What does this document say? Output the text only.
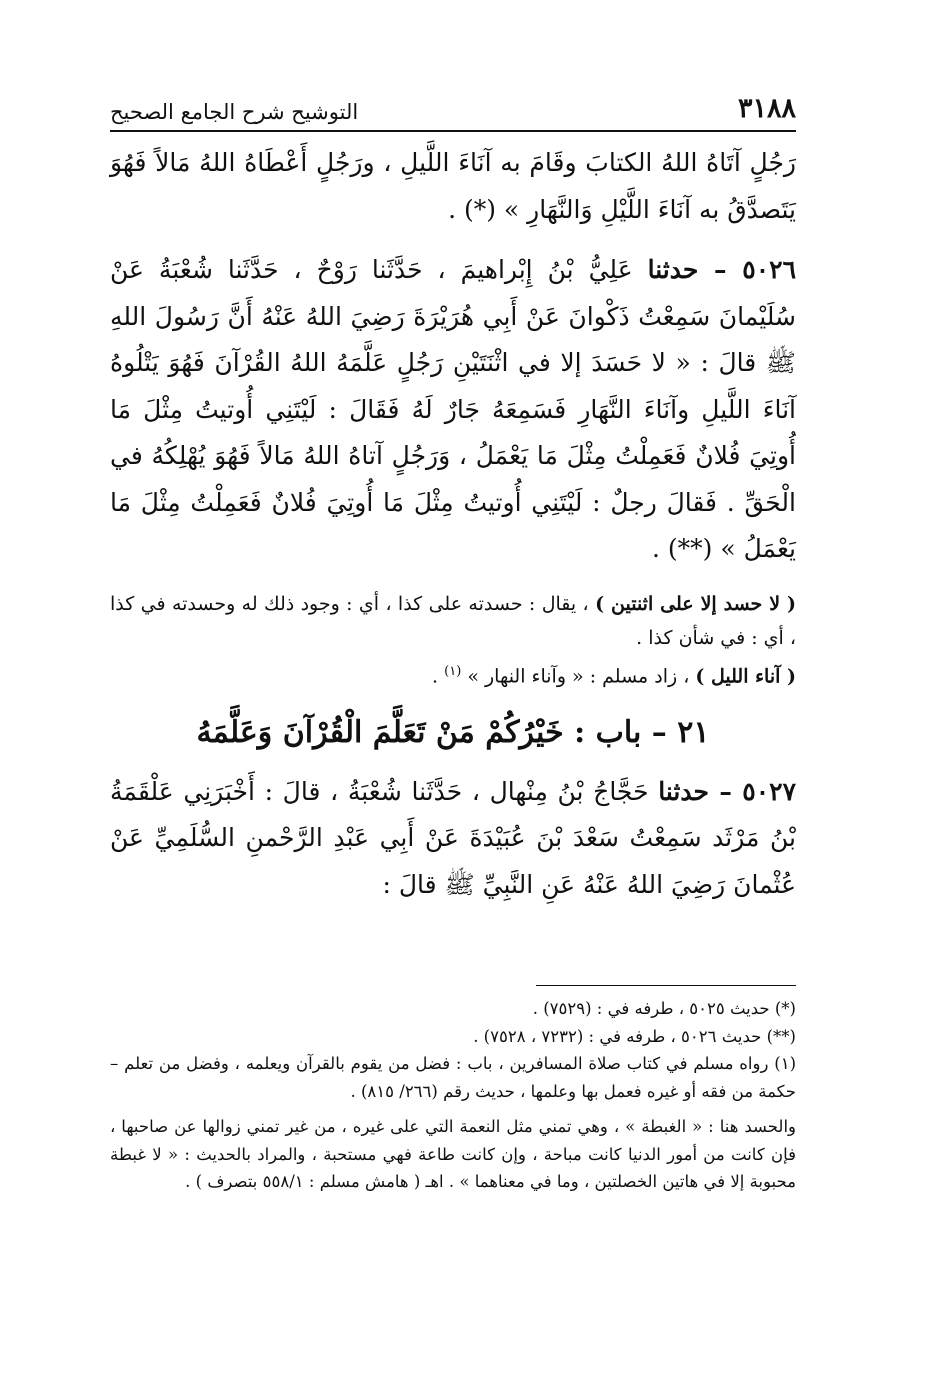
٣١٨٨
التوشيح شرح الجامع الصحيح

رَجُلٍ آتَاهُ اللهُ الكتابَ وقَامَ به آنَاءَ اللَّيلِ ، ورَجُلٍ أَعْطَاهُ اللهُ مَالاً فَهُوَ يَتَصدَّقُ به آنَاءَ اللَّيْلِ وَالنَّهَارِ » (*) .

٥٠٢٦ – حدثنا عَلِيُّ بْنُ إِبْراهيمَ ، حَدَّثَنا رَوْحٌ ، حَدَّثَنا شُعْبَةُ عَنْ سُلَيْمانَ سَمِعْتُ ذَكْوانَ عَنْ أَبِي هُرَيْرَةَ رَضِيَ اللهُ عَنْهُ أَنَّ رَسُولَ اللهِ ﷺ قالَ : « لا حَسَدَ إلا في اثْنَتَيْنِ رَجُلٍ عَلَّمَهُ اللهُ القُرْآنَ فَهُوَ يَتْلُوهُ آنَاءَ اللَّيلِ وآنَاءَ النَّهَارِ فَسَمِعَهُ جَارٌ لَهُ فَقَالَ : لَيْتَنِي أُوتيتُ مِثْلَ مَا أُوتِيَ فُلانٌ فَعَمِلْتُ مِثْلَ مَا يَعْمَلُ ، وَرَجُلٍ آتاهُ اللهُ مَالاً فَهُوَ يُهْلِكُهُ في الْحَقِّ . فَقالَ رجلٌ : لَيْتَنِي أُوتيتُ مِثْلَ مَا أُوتِيَ فُلانٌ فَعَمِلْتُ مِثْلَ مَا يَعْمَلُ » (**) .

( لا حسد إلا على اثنتين ) ، يقال : حسدته على كذا ، أي : وجود ذلك له وحسدته في كذا ، أي : في شأن كذا .

( آناء الليل ) ، زاد مسلم : « وآناء النهار » $^{(١)}$ .

٢١ – باب : خَيْرُكُمْ مَنْ تَعَلَّمَ الْقُرْآنَ وَعَلَّمَهُ

٥٠٢٧ – حدثنا حَجَّاجُ بْنُ مِنْهال ، حَدَّثَنا شُعْبَةُ ، قالَ : أَخْبَرَنِي عَلْقَمَةُ بْنُ مَرْثَد سَمِعْتُ سَعْدَ بْنَ عُبَيْدَةَ عَنْ أَبِي عَبْدِ الرَّحْمنِ السُّلَمِيِّ عَنْ عُثْمانَ رَضِيَ اللهُ عَنْهُ عَنِ النَّبِيِّ ﷺ قالَ :

(*) حديث ٥٠٢٥ ، طرفه في : (٧٥٢٩) .

(**) حديث ٥٠٢٦ ، طرفه في : (٧٢٣٢ ، ٧٥٢٨) .

(١) رواه مسلم في كتاب صلاة المسافرين ، باب : فضل من يقوم بالقرآن ويعلمه ، وفضل من تعلم – حكمة من فقه أو غيره فعمل بها وعلمها ، حديث رقم (٢٦٦/ ٨١٥) .

والحسد هنا : « الغبطة » ، وهي تمني مثل النعمة التي على غيره ، من غير تمني زوالها عن صاحبها ، فإن كانت من أمور الدنيا كانت مباحة ، وإن كانت طاعة فهي مستحبة ، والمراد بالحديث : « لا غبطة محبوبة إلا في هاتين الخصلتين ، وما في معناهما » . اهـ ( هامش مسلم : ٥٥٨/١ بتصرف ) .
